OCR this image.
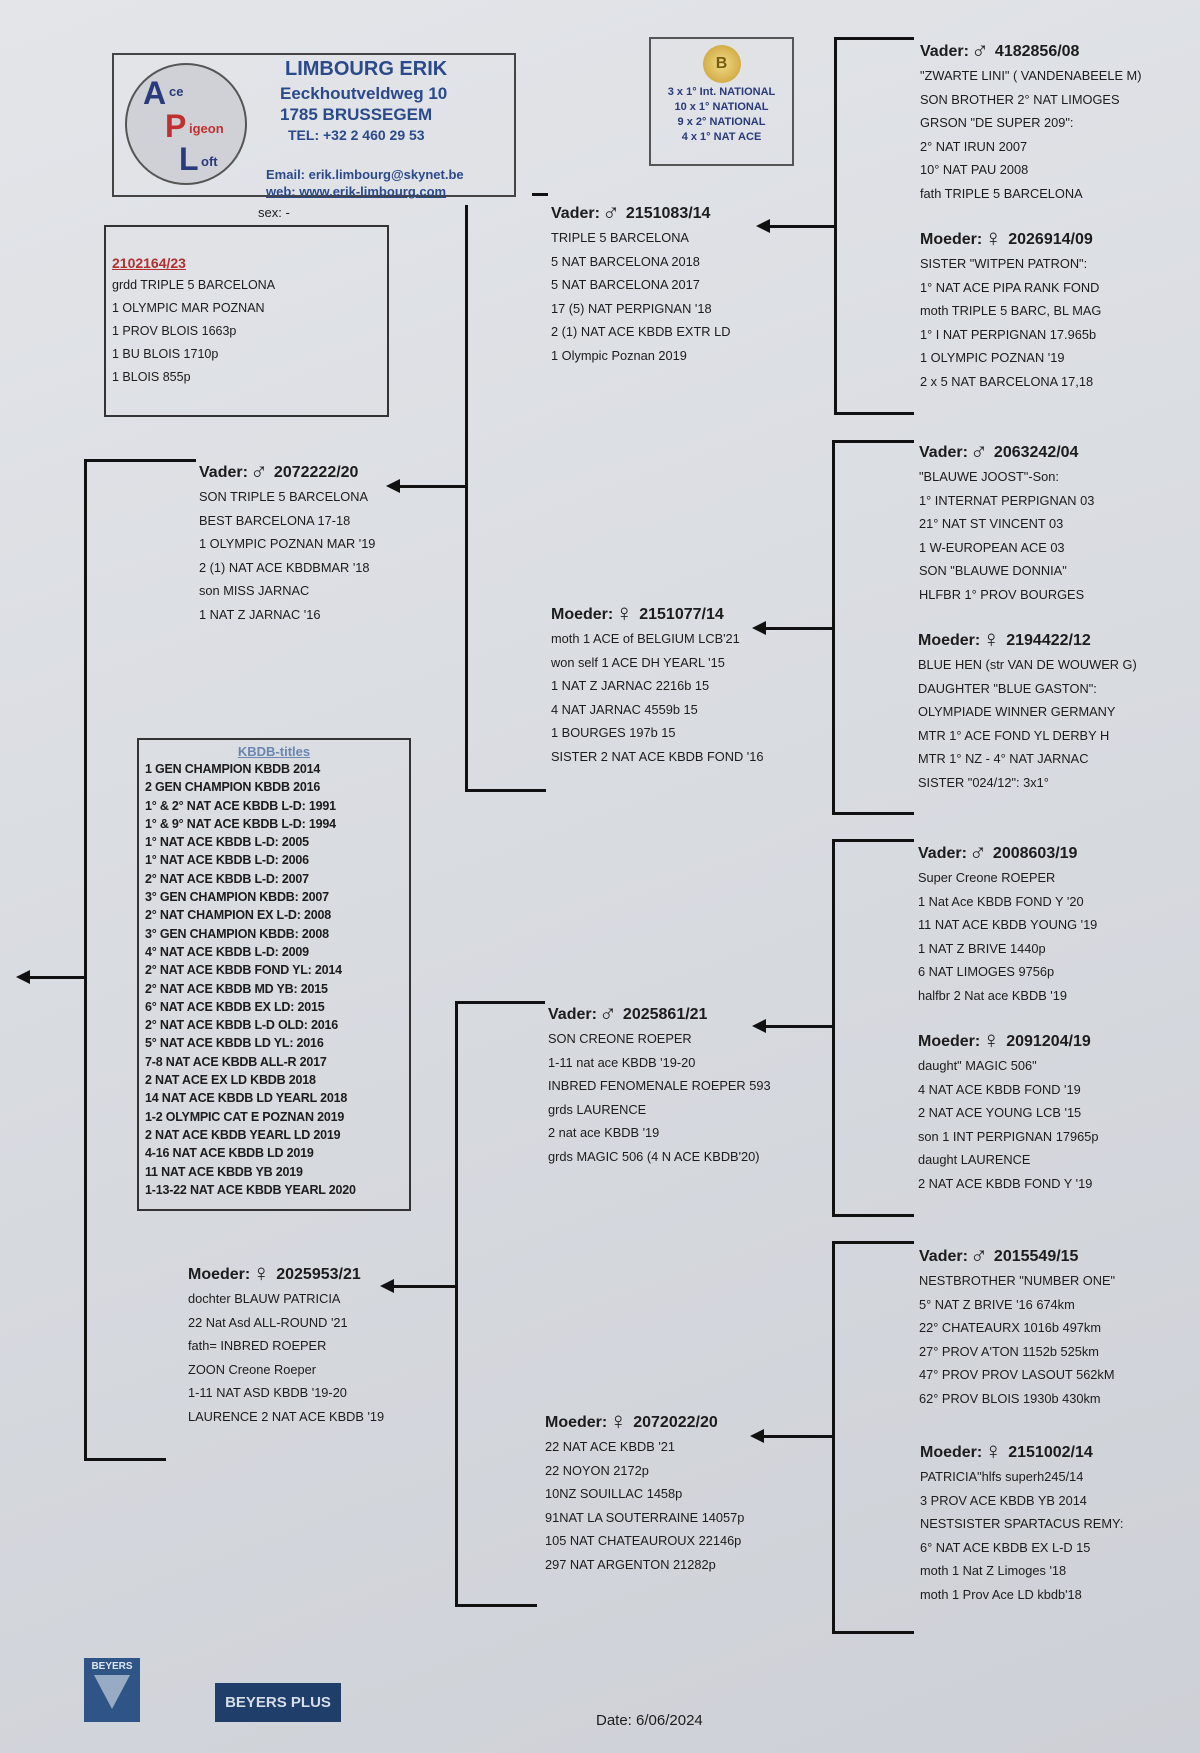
A ce
P igeon
L oft
LIMBOURG ERIK
Eeckhoutveldweg 10
1785 BRUSSEGEM
TEL: +32 2 460 29 53
Email: erik.limbourg@skynet.be
web: www.erik-limbourg.com
B
3 x 1° Int. NATIONAL
10 x 1° NATIONAL
9 x 2° NATIONAL
4 x 1° NAT ACE
sex: -
2102164/23
grdd TRIPLE 5 BARCELONA
1 OLYMPIC MAR POZNAN
1 PROV BLOIS 1663p
1 BU BLOIS 1710p
1 BLOIS 855p
KBDB-titles
1 GEN CHAMPION KBDB 2014
2 GEN CHAMPION KBDB 2016
1° & 2° NAT ACE KBDB L-D: 1991
1° & 9° NAT ACE KBDB L-D: 1994
1° NAT ACE KBDB L-D: 2005
1° NAT ACE KBDB L-D: 2006
2° NAT ACE KBDB L-D: 2007
3° GEN CHAMPION KBDB: 2007
2° NAT CHAMPION EX L-D: 2008
3° GEN CHAMPION KBDB: 2008
4° NAT ACE KBDB L-D: 2009
2° NAT ACE KBDB FOND YL: 2014
2° NAT ACE KBDB MD YB: 2015
6° NAT ACE KBDB EX LD: 2015
2° NAT ACE KBDB L-D OLD: 2016
5° NAT ACE KBDB LD YL: 2016
7-8 NAT ACE KBDB ALL-R 2017
2 NAT ACE EX LD KBDB 2018
14 NAT ACE KBDB LD YEARL 2018
1-2 OLYMPIC CAT E POZNAN 2019
2 NAT ACE KBDB YEARL LD 2019
4-16 NAT ACE KBDB LD 2019
11 NAT ACE KBDB YB 2019
1-13-22 NAT ACE KBDB YEARL 2020
Vader:♂ 2072222/20
SON TRIPLE 5 BARCELONA
BEST BARCELONA 17-18
1 OLYMPIC POZNAN MAR '19
2 (1) NAT ACE KBDBMAR '18
son MISS JARNAC
1 NAT Z JARNAC '16
Moeder:♀ 2025953/21
dochter BLAUW PATRICIA
22 Nat Asd ALL-ROUND '21
fath= INBRED ROEPER
ZOON Creone Roeper
1-11 NAT ASD KBDB '19-20
LAURENCE 2 NAT ACE KBDB '19
Vader:♂ 2151083/14
TRIPLE 5 BARCELONA
5 NAT BARCELONA 2018
5 NAT BARCELONA 2017
17 (5) NAT PERPIGNAN '18
2 (1) NAT ACE KBDB EXTR LD
1 Olympic Poznan 2019
Moeder:♀ 2151077/14
moth 1 ACE of BELGIUM LCB'21
won self 1 ACE DH YEARL '15
1 NAT Z JARNAC 2216b 15
4 NAT JARNAC 4559b 15
1 BOURGES 197b 15
SISTER 2 NAT ACE KBDB FOND '16
Vader:♂ 2025861/21
SON CREONE ROEPER
1-11 nat ace KBDB '19-20
INBRED FENOMENALE ROEPER 593
grds LAURENCE
2 nat ace KBDB '19
grds MAGIC 506 (4 N ACE KBDB'20)
Moeder:♀ 2072022/20
22 NAT ACE KBDB '21
22 NOYON 2172p
10NZ SOUILLAC 1458p
91NAT LA SOUTERRAINE 14057p
105 NAT CHATEAUROUX 22146p
297 NAT ARGENTON 21282p
Vader:♂ 4182856/08
"ZWARTE LINI" ( VANDENABEELE M)
SON BROTHER 2° NAT LIMOGES
GRSON "DE SUPER 209":
2° NAT IRUN 2007
10° NAT PAU 2008
fath TRIPLE 5 BARCELONA
Moeder:♀ 2026914/09
SISTER "WITPEN PATRON":
1° NAT ACE PIPA RANK FOND
moth TRIPLE 5 BARC, BL MAG
1° I NAT PERPIGNAN 17.965b
1 OLYMPIC POZNAN '19
2 x 5 NAT BARCELONA 17,18
Vader:♂ 2063242/04
"BLAUWE JOOST"-Son:
1° INTERNAT PERPIGNAN 03
21° NAT ST VINCENT 03
1 W-EUROPEAN ACE 03
SON "BLAUWE DONNIA"
HLFBR 1° PROV BOURGES
Moeder:♀ 2194422/12
BLUE HEN (str VAN DE WOUWER G)
DAUGHTER "BLUE GASTON":
OLYMPIADE WINNER GERMANY
MTR 1° ACE FOND YL DERBY H
MTR 1° NZ - 4° NAT JARNAC
SISTER "024/12": 3x1°
Vader:♂ 2008603/19
Super Creone ROEPER
1 Nat Ace KBDB FOND Y '20
11 NAT ACE KBDB YOUNG '19
1 NAT Z BRIVE 1440p
6 NAT LIMOGES 9756p
halfbr 2 Nat ace KBDB '19
Moeder:♀ 2091204/19
daught" MAGIC 506"
4 NAT ACE KBDB FOND '19
2 NAT ACE YOUNG LCB '15
son 1 INT PERPIGNAN 17965p
daught LAURENCE
2 NAT ACE KBDB FOND Y '19
Vader:♂ 2015549/15
NESTBROTHER "NUMBER ONE"
5° NAT Z BRIVE '16 674km
22° CHATEAURX 1016b 497km
27° PROV A'TON 1152b 525km
47° PROV PROV LASOUT 562kM
62° PROV BLOIS 1930b 430km
Moeder:♀ 2151002/14
PATRICIA"hlfs superh245/14
3 PROV ACE KBDB YB 2014
NESTSISTER SPARTACUS REMY:
6° NAT ACE KBDB EX L-D 15
moth 1 Nat Z Limoges '18
moth 1 Prov Ace LD kbdb'18
BEYERS
BEYERS PLUS
Date: 6/06/2024
